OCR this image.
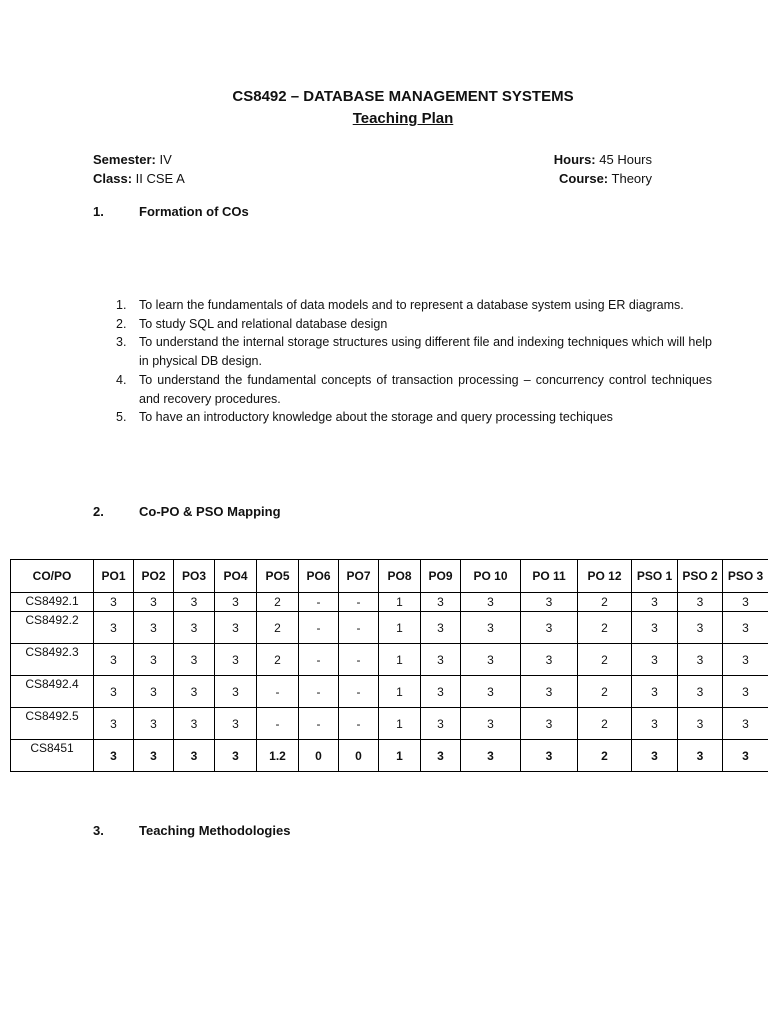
CS8492 – DATABASE MANAGEMENT SYSTEMS
Teaching Plan
Semester: IV
Class: II CSE A
Hours: 45 Hours
Course: Theory
1.	Formation of COs
1. To learn the fundamentals of data models and to represent a database system using ER diagrams.
2. To study SQL and relational database design
3. To understand the internal storage structures using different file and indexing techniques which will help in physical DB design.
4. To understand the fundamental concepts of transaction processing – concurrency control techniques and recovery procedures.
5. To have an introductory knowledge about the storage and query processing techiques
2.	Co-PO & PSO Mapping
CO/PO	PO1	PO2	PO3	PO4	PO5	PO6	PO7	PO8	PO9	PO 10	PO 11	PO 12	PSO 1	PSO 2	PSO 3
CS8492.1	3	3	3	3	2	-	-	1	3	3	3	2	3	3	3
CS8492.2	3	3	3	3	2	-	-	1	3	3	3	2	3	3	3
CS8492.3	3	3	3	3	2	-	-	1	3	3	3	2	3	3	3
CS8492.4	3	3	3	3	-	-	-	1	3	3	3	2	3	3	3
CS8492.5	3	3	3	3	-	-	-	1	3	3	3	2	3	3	3
CS8451	3	3	3	3	1.2	0	0	1	3	3	3	2	3	3	3
3.	Teaching Methodologies
